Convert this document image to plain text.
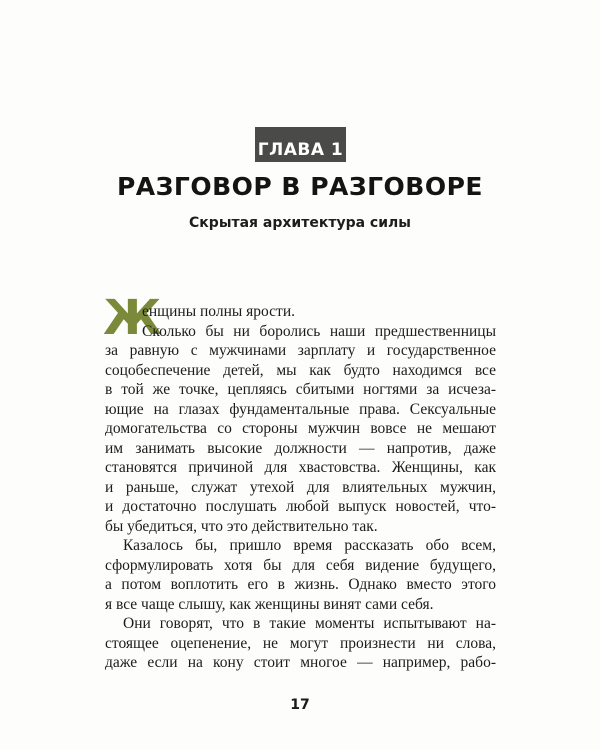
ГЛАВА 1
РАЗГОВОР В РАЗГОВОРЕ
Скрытая архитектура силы
Ж
енщины полны ярости.
Сколько бы ни боролись наши предшественницы
за равную с мужчинами зарплату и государственное
соцобеспечение детей, мы как будто находимся все
в той же точке, цепляясь сбитыми ногтями за исчеза-
ющие на глазах фундаментальные права. Сексуальные
домогательства со стороны мужчин вовсе не мешают
им занимать высокие должности — напротив, даже
становятся причиной для хвастовства. Женщины, как
и раньше, служат утехой для влиятельных мужчин,
и достаточно послушать любой выпуск новостей, что-
бы убедиться, что это действительно так.
Казалось бы, пришло время рассказать обо всем,
сформулировать хотя бы для себя видение будущего,
а потом воплотить его в жизнь. Однако вместо этого
я все чаще слышу, как женщины винят сами себя.
Они говорят, что в такие моменты испытывают на-
стоящее оцепенение, не могут произнести ни слова,
даже если на кону стоит многое — например, рабо-
17
